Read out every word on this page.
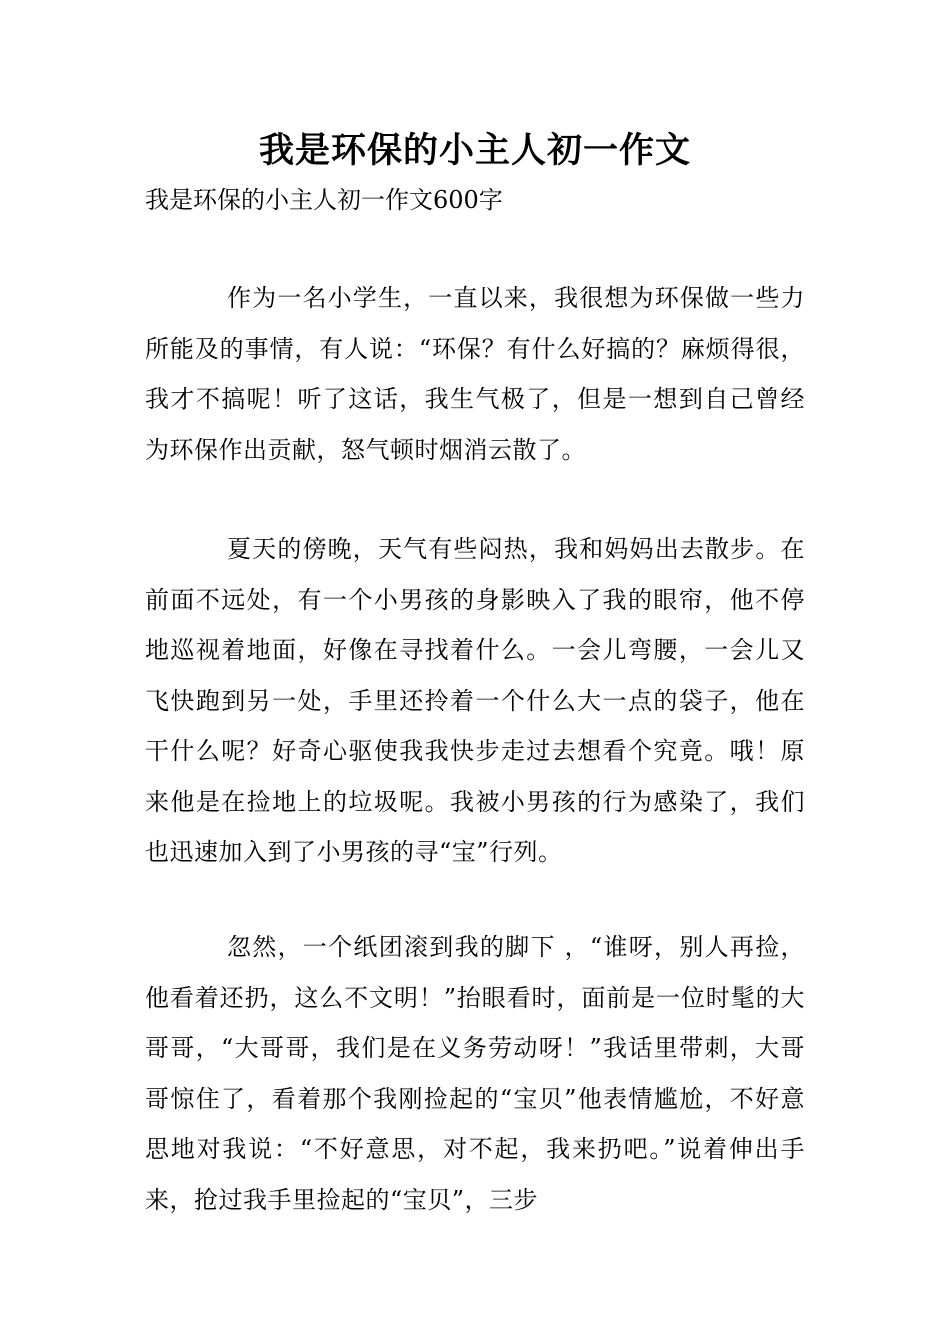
我是环保的小主人初一作文

我是环保的小主人初一作文600字

作为一名小学生，一直以来，我很想为环保做一些力所能及的事情，有人说：“环保？有什么好搞的？麻烦得很，我才不搞呢！听了这话，我生气极了，但是一想到自己曾经为环保作出贡献，怒气顿时烟消云散了。

夏天的傍晚，天气有些闷热，我和妈妈出去散步。在前面不远处，有一个小男孩的身影映入了我的眼帘，他不停地巡视着地面，好像在寻找着什么。一会儿弯腰，一会儿又飞快跑到另一处，手里还拎着一个什么大一点的袋子，他在干什么呢？好奇心驱使我我快步走过去想看个究竟。哦！原来他是在捡地上的垃圾呢。我被小男孩的行为感染了，我们也迅速加入到了小男孩的寻“宝”行列。

忽然，一个纸团滚到我的脚下 ，“谁呀，别人再捡，他看着还扔，这么不文明！”抬眼看时，面前是一位时髦的大哥哥，“大哥哥，我们是在义务劳动呀！”我话里带刺，大哥哥惊住了，看着那个我刚捡起的“宝贝”他表情尴尬，不好意思地对我说：“不好意思，对不起，我来扔吧。”说着伸出手来，抢过我手里捡起的“宝贝”，三步
